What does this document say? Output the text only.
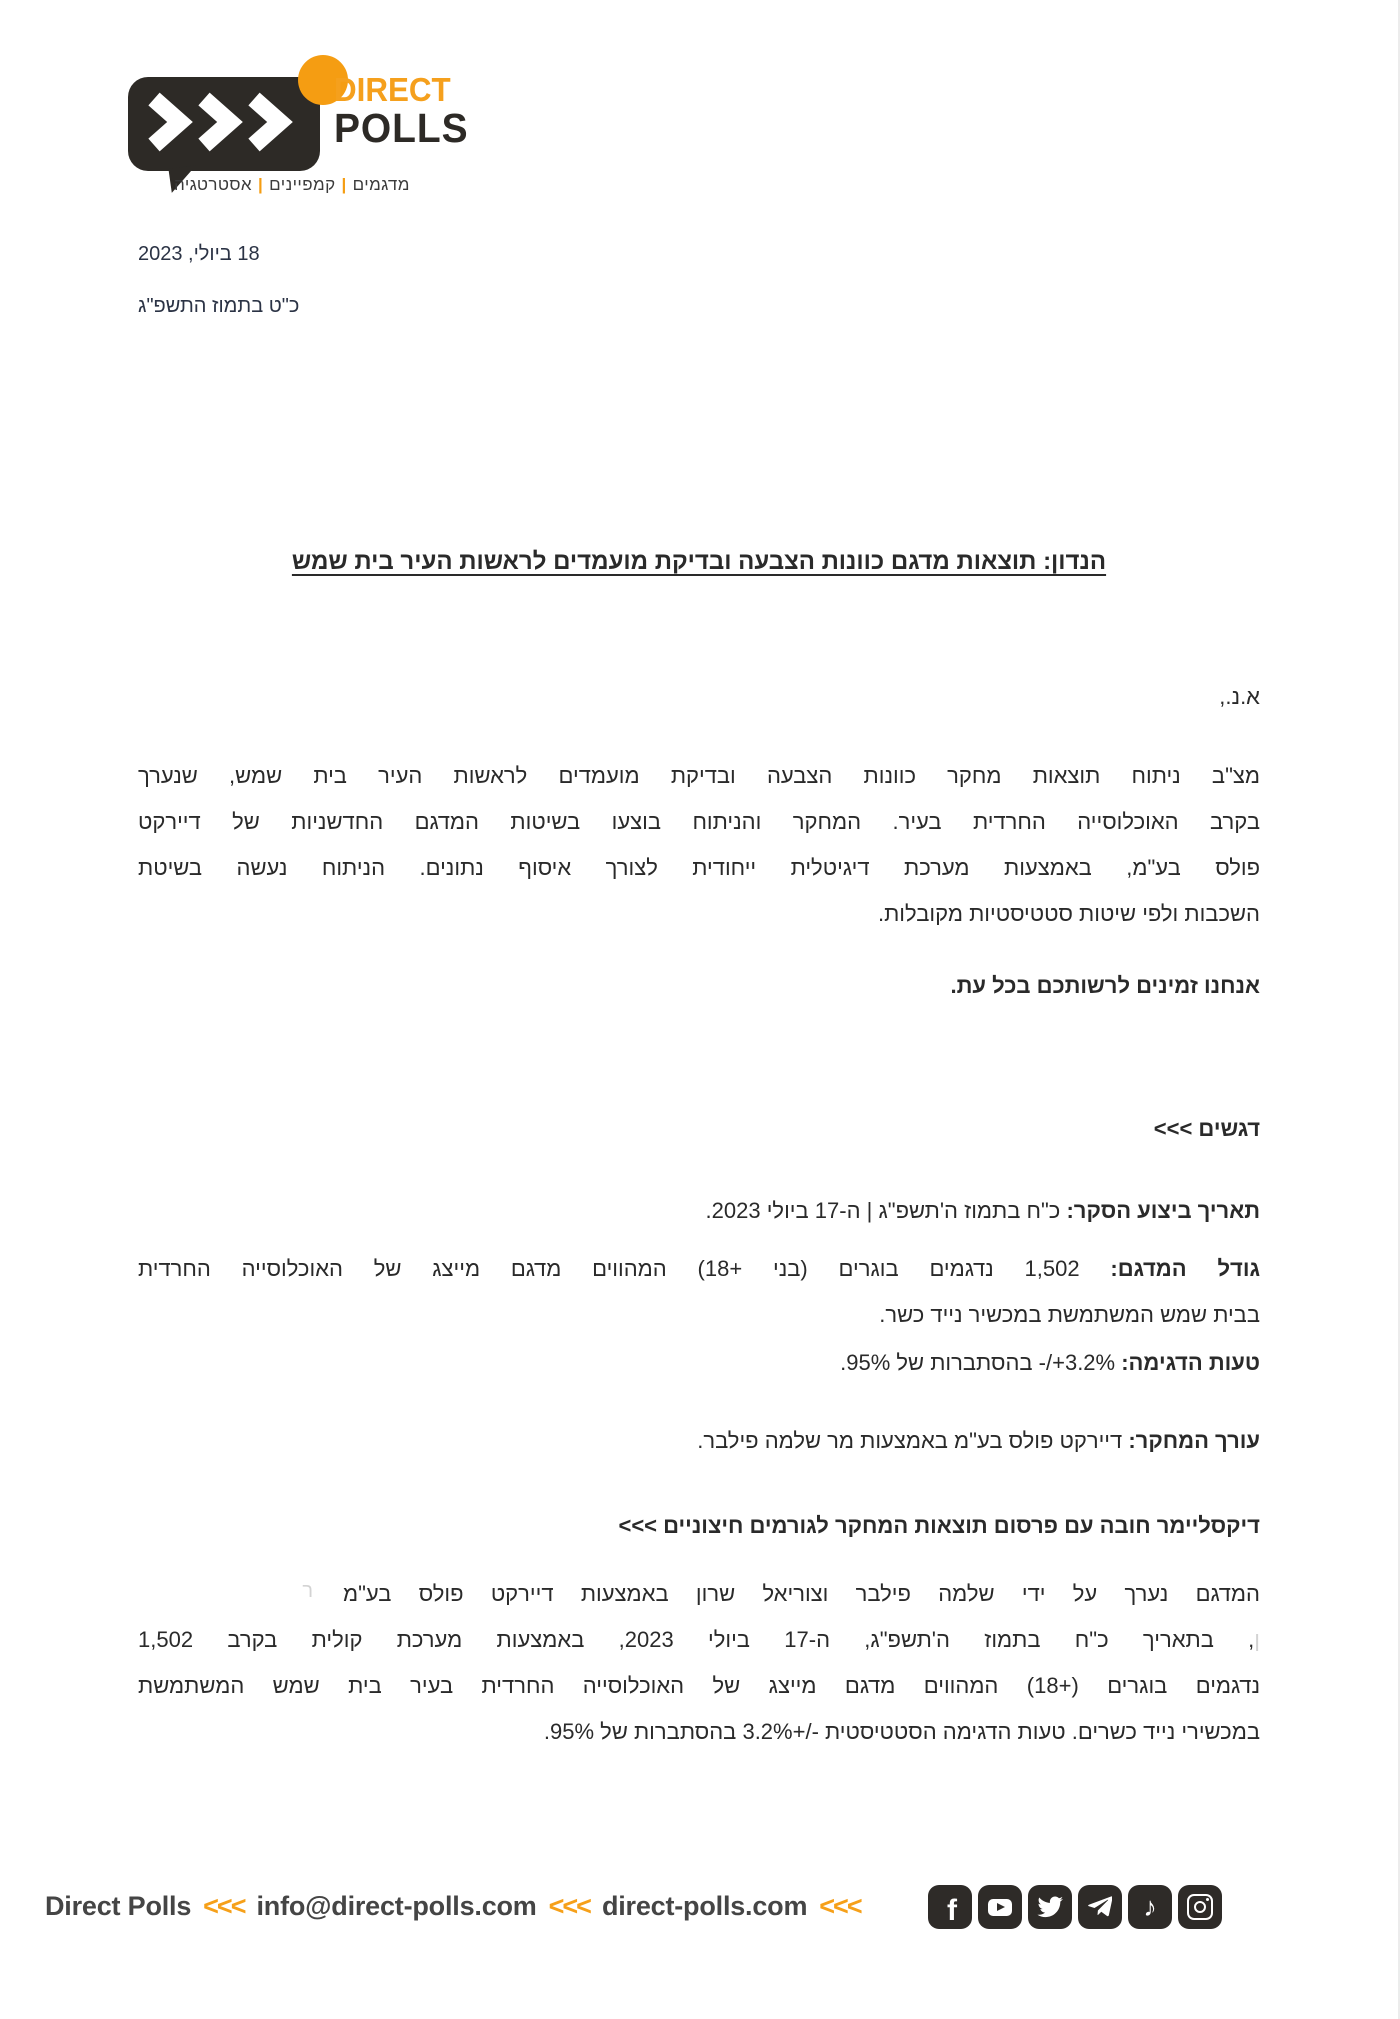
DIRECT
POLLS
מדגמים|קמפיינים|אסטרטגיה
18 ביולי, 2023
כ"ט בתמוז התשפ"ג
הנדון: תוצאות מדגם כוונות הצבעה ובדיקת מועמדים לראשות העיר בית שמש
א.נ.,
מצ"ב ניתוח תוצאות מחקר כוונות הצבעה ובדיקת מועמדים לראשות העיר בית שמש, שנערך
בקרב האוכלוסייה החרדית בעיר. המחקר והניתוח בוצעו בשיטות המדגם החדשניות של דיירקט
פולס בע"מ, באמצעות מערכת דיגיטלית ייחודית לצורך איסוף נתונים. הניתוח נעשה בשיטת
השכבות ולפי שיטות סטטיסטיות מקובלות.
אנחנו זמינים לרשותכם בכל עת.
דגשים >>>
תאריך ביצוע הסקר: כ"ח בתמוז ה'תשפ"ג | ה-17 ביולי 2023.
גודל המדגם: 1,502 נדגמים בוגרים (בני +18) המהווים מדגם מייצג של האוכלוסייה החרדית
בבית שמש המשתמשת במכשיר נייד כשר.
טעות הדגימה: 3.2%+/- בהסתברות של 95%.
עורך המחקר: דיירקט פולס בע"מ באמצעות מר שלמה פילבר.
דיקסליימר חובה עם פרסום תוצאות המחקר לגורמים חיצוניים >>>
המדגם נערך על ידי שלמה פילבר וצוריאל שרון באמצעות דיירקט פולס בע"מ
ר
ן, בתאריך כ"ח בתמוז ה'תשפ"ג, ה-17 ביולי 2023, באמצעות מערכת קולית בקרב 1,502
נדגמים בוגרים (+18) המהווים מדגם מייצג של האוכלוסייה החרדית בעיר בית שמש המשתמשת
במכשירי נייד כשרים. טעות הדגימה הסטטיסטית -/+3.2% בהסתברות של 95%.
Direct Polls <<< info@direct-polls.com <<< direct-polls.com <<<
f
♪
